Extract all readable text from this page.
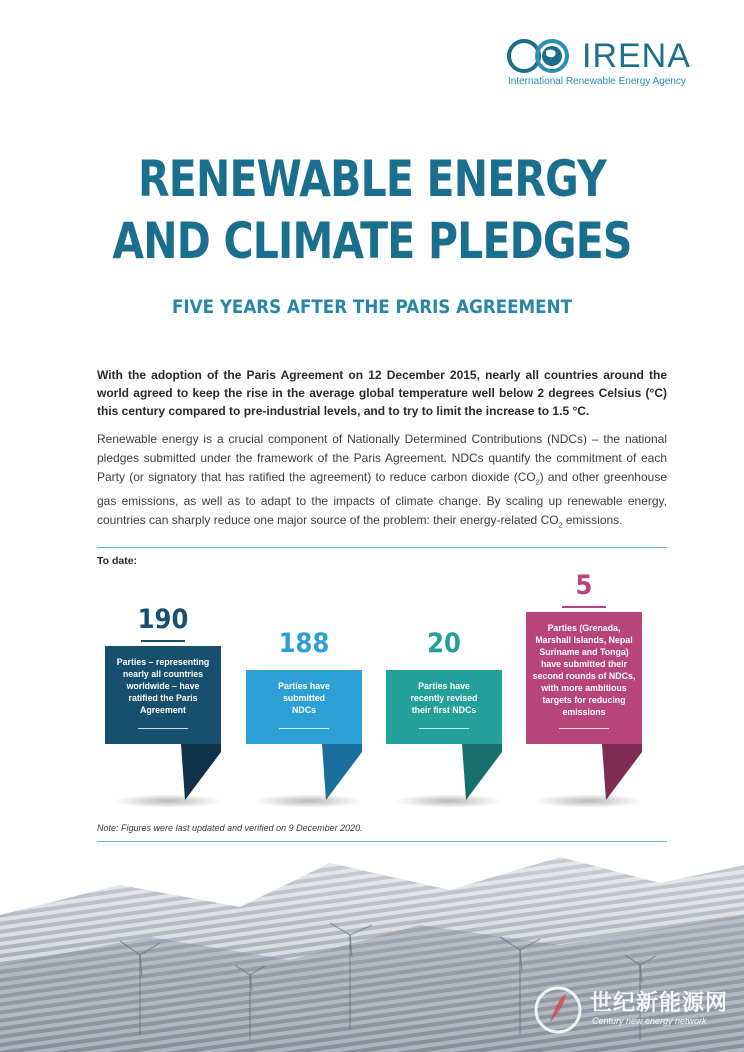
IRENA
International Renewable Energy Agency
RENEWABLE ENERGY
AND CLIMATE PLEDGES
FIVE YEARS AFTER THE PARIS AGREEMENT

With the adoption of the Paris Agreement on 12 December 2015, nearly all countries around the world agreed to keep the rise in the average global temperature well below 2 degrees Celsius (°C) this century compared to pre-industrial levels, and to try to limit the increase to 1.5 °C.

Renewable energy is a crucial component of Nationally Determined Contributions (NDCs) – the national pledges submitted under the framework of the Paris Agreement. NDCs quantify the commitment of each Party (or signatory that has ratified the agreement) to reduce carbon dioxide $(CO_2)$ and other greenhouse gas emissions, as well as to adapt to the impacts of climate change. By scaling up renewable energy, countries can sharply reduce one major source of the problem: their energy-related $CO_2$ emissions.

To date:
190
Parties – representing nearly all countries worldwide – have ratified the Paris Agreement
188
Parties have submitted NDCs
20
Parties have recently revised their first NDCs
5
Parties (Grenada, Marshall Islands, Nepal Suriname and Tonga) have submitted their second rounds of NDCs, with more ambitious targets for reducing emissions
Note: Figures were last updated and verified on 9 December 2020.
世纪新能源网
Century new energy network
